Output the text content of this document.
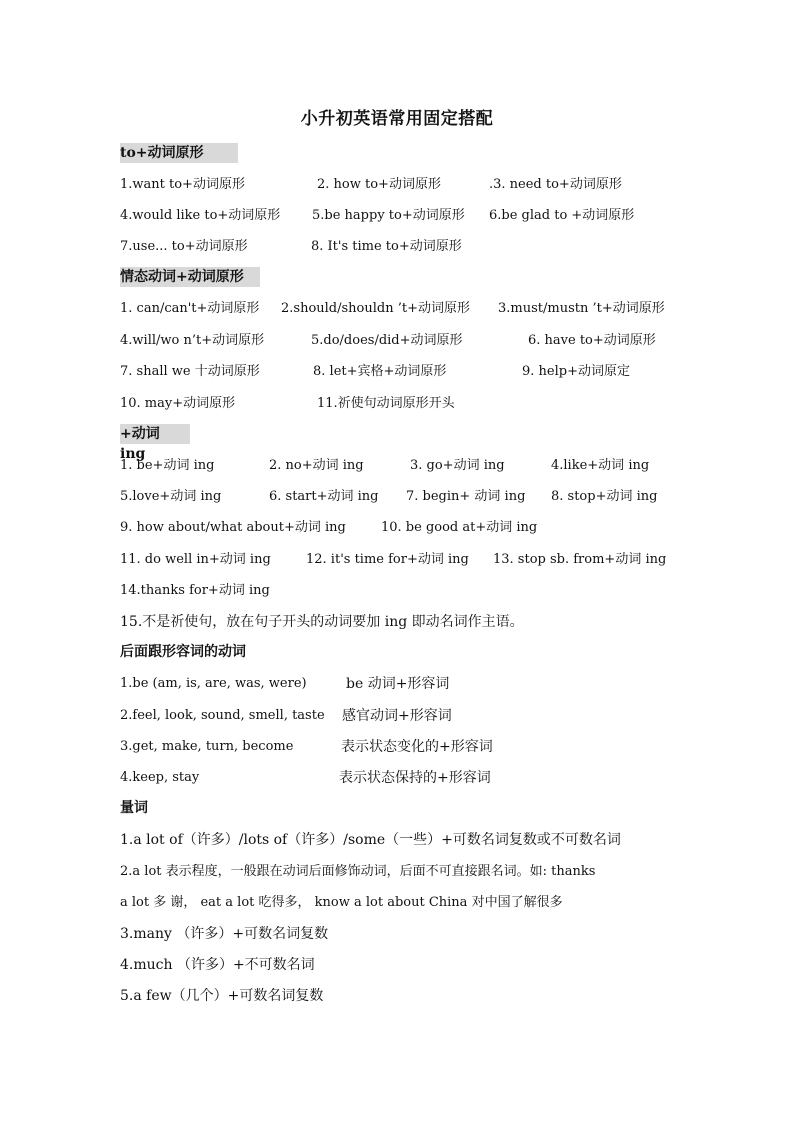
小升初英语常用固定搭配
to+动词原形
1.want to+动词原形	2. how to+动词原形	.3. need to+动词原形
4.would like to+动词原形 5.be happy to+动词原形 6.be glad to +动词原形
7.use... to+动词原形	8. It's time to+动词原形
情态动词+动词原形
1. can/can't+动词原形 2.should/shouldn ’t+动词原形 3.must/mustn ’t+动词原形
4.will/wo n’t+动词原形	5.do/does/did+动词原形	6. have to+动词原形
7. shall we 十动词原形	8. let+宾格+动词原形	9. help+动词原定
10. may+动词原形	11.祈使句动词原形开头
+动词 ing
1. be+动词 ing	2. no+动词 ing	3. go+动词 ing	4.like+动词 ing
5.love+动词 ing	6. start+动词 ing 7. begin+ 动词 ing 8. stop+动词 ing
9. how about/what about+动词 ing	10. be good at+动词 ing
11. do well in+动词 ing	12. it's time for+动词 ing 13. stop sb. from+动词 ing
14.thanks for+动词 ing
15.不是祈使句，放在句子开头的动词要加 ing 即动名词作主语。
后面跟形容词的动词
1.be (am, is, are, was, were)	be 动词+形容词
2.feel, look, sound, smell, taste 感官动词+形容词
3.get, make, turn, become	表示状态变化的+形容词
4.keep, stay	表示状态保持的+形容词
量词
1.a lot of（许多）/lots of（许多）/some（一些）+可数名词复数或不可数名词
2.a lot 表示程度，一般跟在动词后面修饰动词，后面不可直接跟名词。如: thanks
a lot 多 谢， eat a lot 吃得多， know a lot about China 对中国了解很多
3.many （许多）+可数名词复数
4.much （许多）+不可数名词
5.a few（几个）+可数名词复数
